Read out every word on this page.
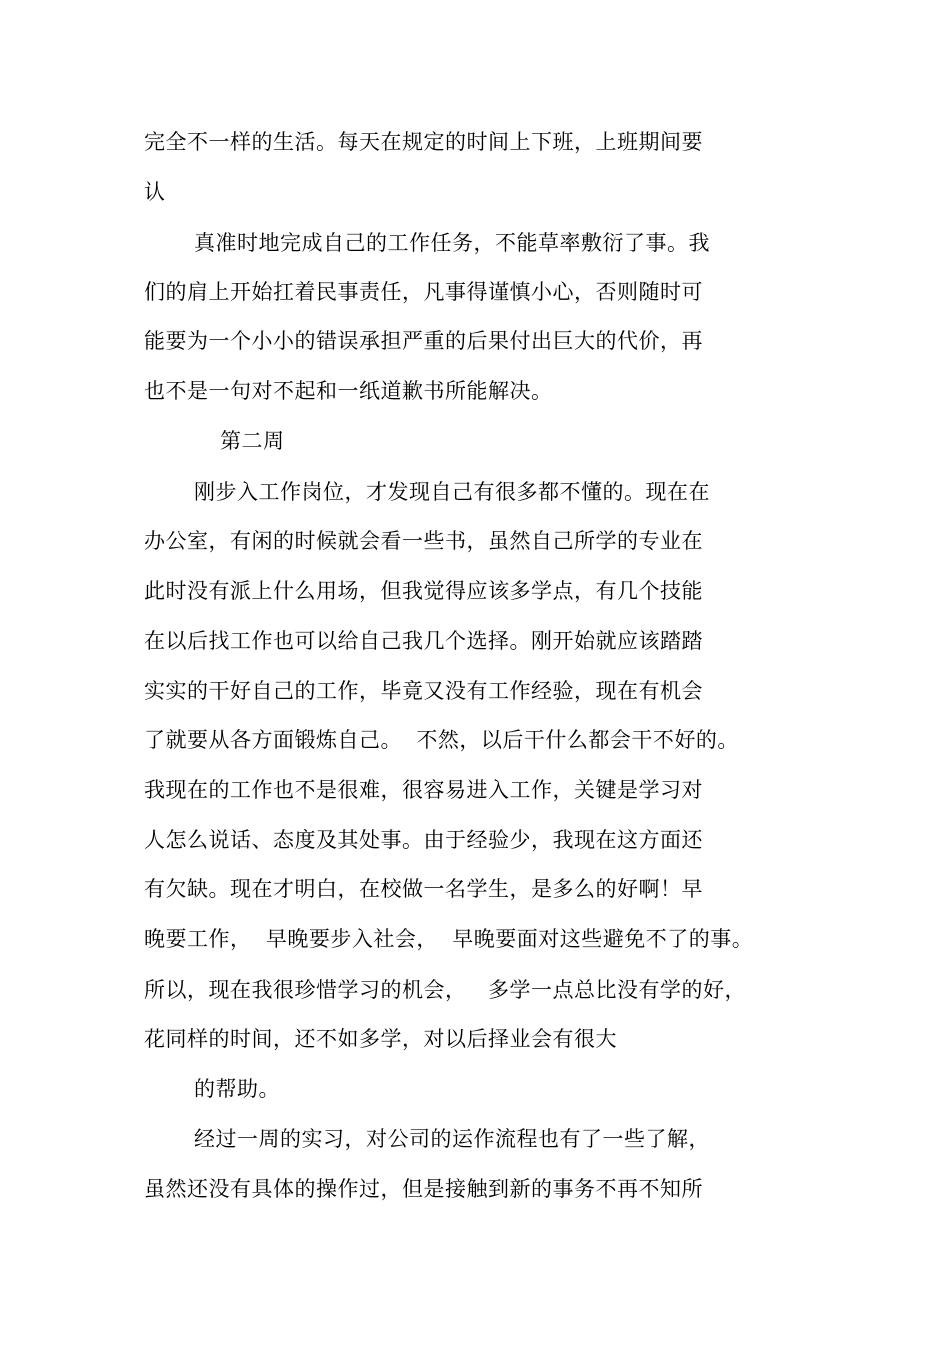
完全不一样的生活。每天在规定的时间上下班，上班期间要
认
真准时地完成自己的工作任务，不能草率敷衍了事。我
们的肩上开始扛着民事责任，凡事得谨慎小心，否则随时可
能要为一个小小的错误承担严重的后果付出巨大的代价，再
也不是一句对不起和一纸道歉书所能解决。
第二周
刚步入工作岗位，才发现自己有很多都不懂的。现在在
办公室，有闲的时候就会看一些书，虽然自己所学的专业在
此时没有派上什么用场，但我觉得应该多学点，有几个技能
在以后找工作也可以给自己我几个选择。刚开始就应该踏踏
实实的干好自己的工作，毕竟又没有工作经验，现在有机会
了就要从各方面锻炼自己。  不然，以后干什么都会干不好的。
我现在的工作也不是很难，很容易进入工作，关键是学习对
人怎么说话、态度及其处事。由于经验少，我现在这方面还
有欠缺。现在才明白，在校做一名学生，是多么的好啊！早
晚要工作，  早晚要步入社会，  早晚要面对这些避免不了的事。
所以，现在我很珍惜学习的机会，   多学一点总比没有学的好，
花同样的时间，还不如多学，对以后择业会有很大
的帮助。
经过一周的实习，对公司的运作流程也有了一些了解，
虽然还没有具体的操作过，但是接触到新的事务不再不知所
